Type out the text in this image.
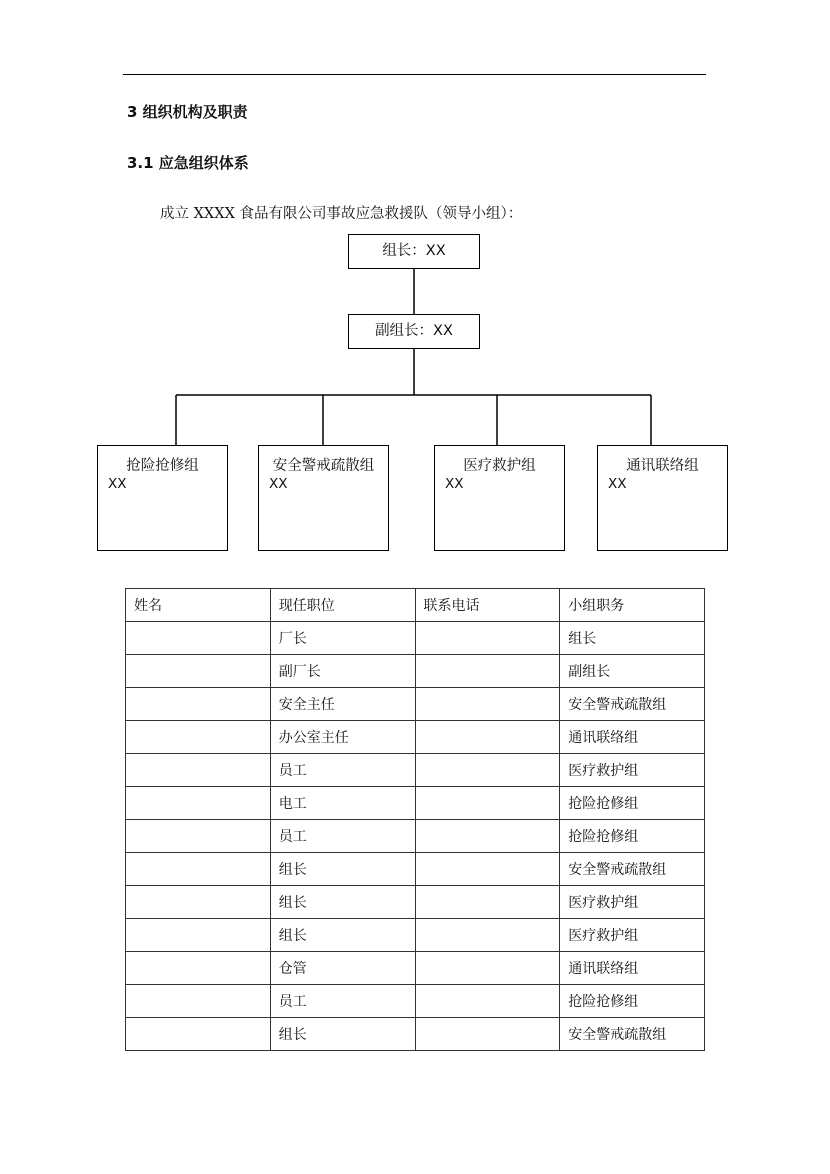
3 组织机构及职责
3.1 应急组织体系
成立 XXXX 食品有限公司事故应急救援队（领导小组）：
组长：XX
副组长：XX
抢险抢修组
XX
安全警戒疏散组
XX
医疗救护组
XX
通讯联络组
XX
姓名	现任职位	联系电话	小组职务
	厂长		组长
	副厂长		副组长
	安全主任		安全警戒疏散组
	办公室主任		通讯联络组
	员工		医疗救护组
	电工		抢险抢修组
	员工		抢险抢修组
	组长		安全警戒疏散组
	组长		医疗救护组
	组长		医疗救护组
	仓管		通讯联络组
	员工		抢险抢修组
	组长		安全警戒疏散组
